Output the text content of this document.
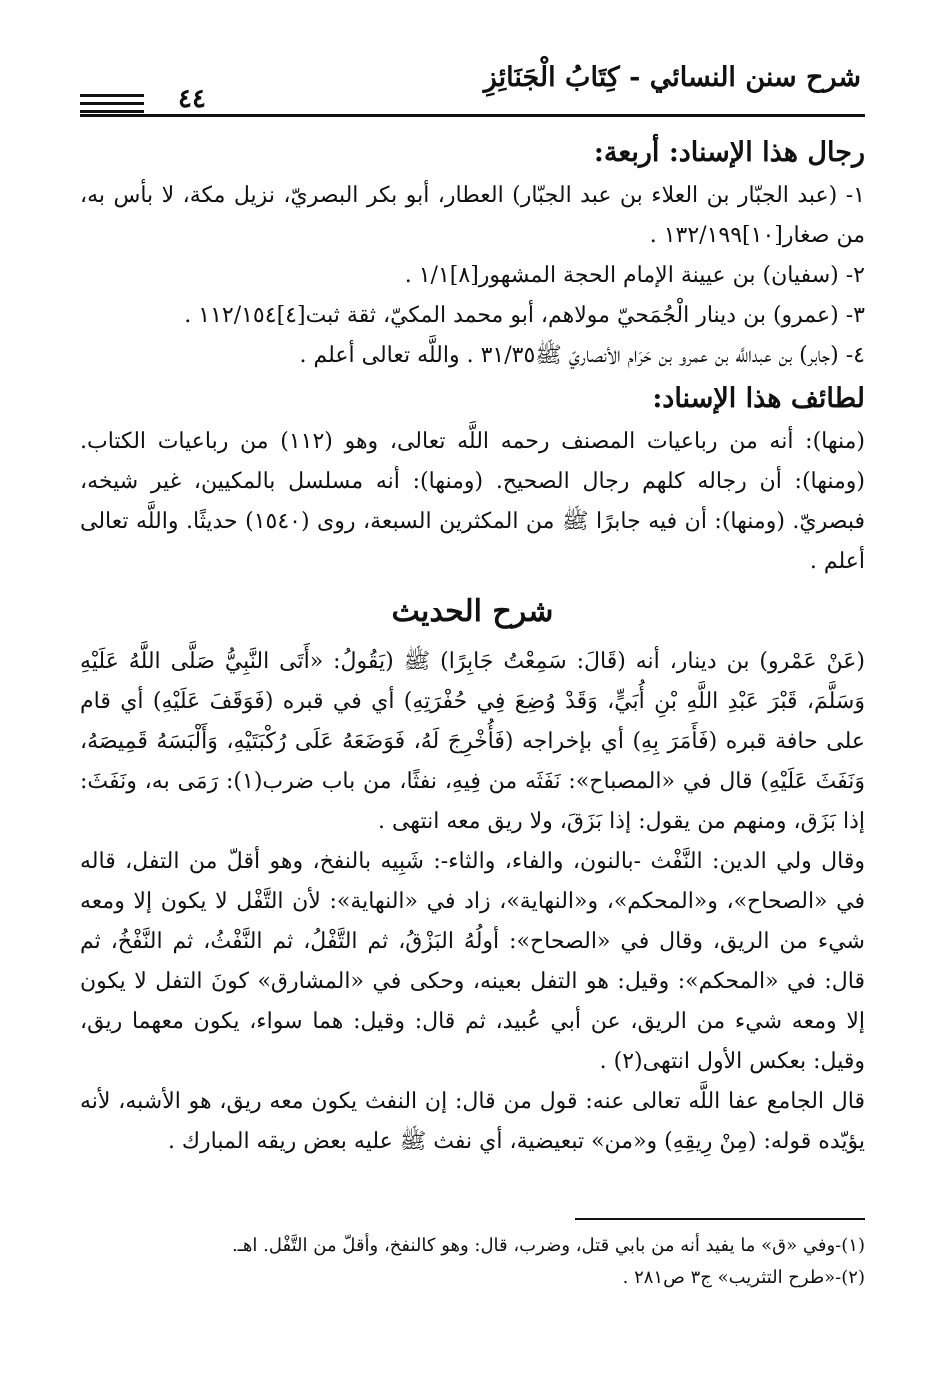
شرح سنن النسائي - كِتَابُ الْجَنَائِزِ
٤٤
رجال هذا الإسناد: أربعة:

١- (عبد الجبّار بن العلاء بن عبد الجبّار) العطار، أبو بكر البصريّ، نزيل مكة، لا بأس به، من صغار[١٠]١٣٢/١٩٩ .

٢- (سفيان) بن عيينة الإمام الحجة المشهور[٨]١/١ .

٣- (عمرو) بن دينار الْجُمَحيّ مولاهم، أبو محمد المكيّ، ثقة ثبت[٤]١١٢/١٥٤ .

٤- (جابر) بن عبداللَّه بن عمرو بن حَرَام الأنصاريّ ﷺ٣١/٣٥ . واللَّه تعالى أعلم .

لطائف هذا الإسناد:

(منها): أنه من رباعيات المصنف رحمه اللَّه تعالى، وهو (١١٢) من رباعيات الكتاب. (ومنها): أن رجاله كلهم رجال الصحيح. (ومنها): أنه مسلسل بالمكيين، غير شيخه، فبصريّ. (ومنها): أن فيه جابرًا ﷺ من المكثرين السبعة، روى (١٥٤٠) حديثًا. واللَّه تعالى أعلم .

شرح الحديث

(عَنْ عَمْرو) بن دينار، أنه (قَالَ: سَمِعْتُ جَابِرًا) ﷺ (يَقُولُ: «أَتَى النَّبِيُّ صَلَّى اللَّهُ عَلَيْهِ وَسَلَّمَ، قَبْرَ عَبْدِ اللَّهِ بْنِ أُبَيٍّ، وَقَدْ وُضِعَ فِي حُفْرَتِهِ) أي في قبره (فَوَقَفَ عَلَيْهِ) أي قام على حافة قبره (فَأَمَرَ بِهِ) أي بإخراجه (فَأُخْرِجَ لَهُ، فَوَضَعَهُ عَلَى رُكْبَتَيْهِ، وَأَلْبَسَهُ قَمِيصَهُ، وَنَفَثَ عَلَيْهِ) قال في «المصباح»: نَفَثَه من فِيهِ، نفثًا، من باب ضرب(١): رَمَى به، ونَفَثَ: إذا بَزَق، ومنهم من يقول: إذا بَزَقَ، ولا ريق معه انتهى .

وقال ولي الدين: النَّفْث -بالنون، والفاء، والثاء-: شَبِيه بالنفخ، وهو أقلّ من التفل، قاله في «الصحاح»، و«المحكم»، و«النهاية»، زاد في «النهاية»: لأن التَّفْل لا يكون إلا ومعه شيء من الريق، وقال في «الصحاح»: أولُهُ البَزْقُ، ثم التَّفْلُ، ثم النَّفْثُ، ثم النَّفْخُ، ثم قال: في «المحكم»: وقيل: هو التفل بعينه، وحكى في «المشارق» كونَ التفل لا يكون إلا ومعه شيء من الريق، عن أبي عُبيد، ثم قال: وقيل: هما سواء، يكون معهما ريق، وقيل: بعكس الأول انتهى(٢) .

قال الجامع عفا اللَّه تعالى عنه: قول من قال: إن النفث يكون معه ريق، هو الأشبه، لأنه يؤيّده قوله: (مِنْ رِيقِهِ) و«من» تبعيضية، أي نفث ﷺ عليه بعض ريقه المبارك .

(١)-وفي «ق» ما يفيد أنه من بابي قتل، وضرب، قال: وهو كالنفخ، وأقلّ من التَّفْل. اهـ.

(٢)-«طرح التثريب» ج٣ ص٢٨١ .
